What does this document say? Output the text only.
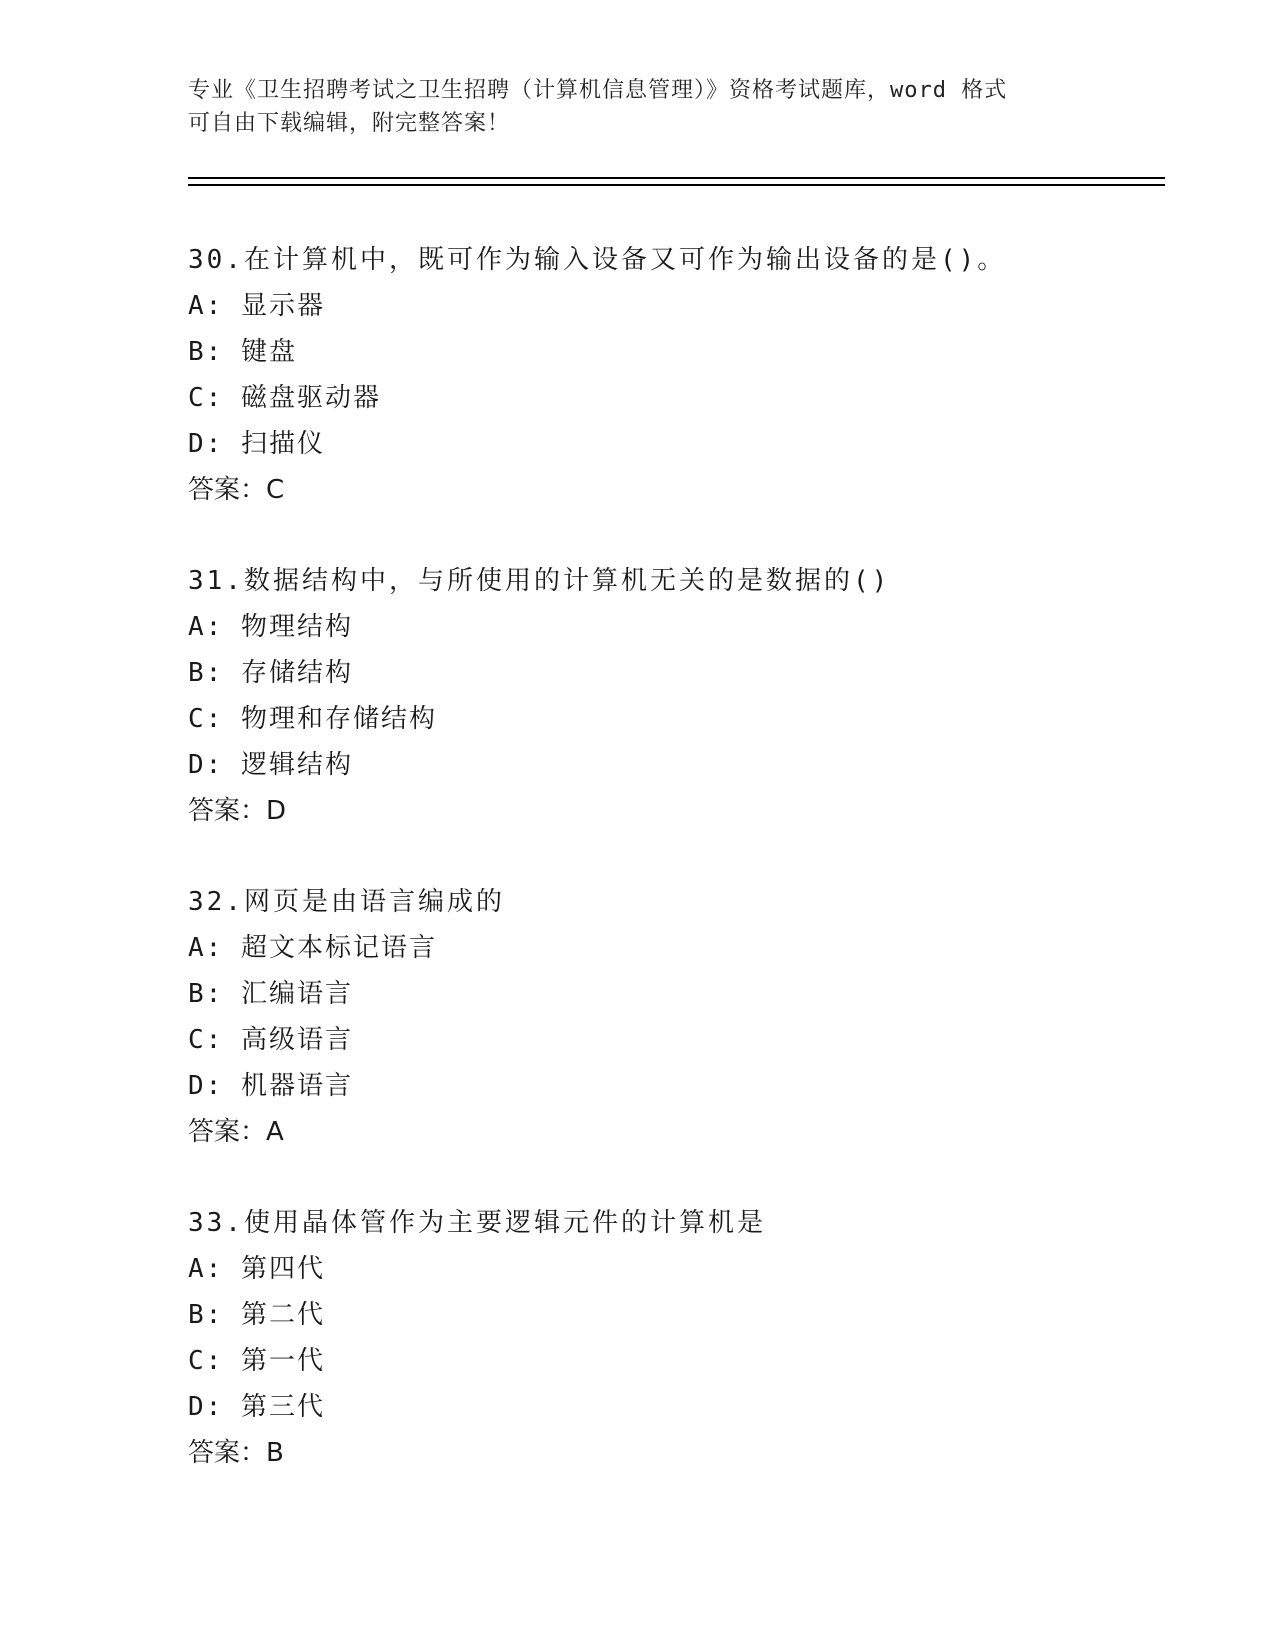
专业《卫生招聘考试之卫生招聘（计算机信息管理）》资格考试题库，word 格式
可自由下载编辑，附完整答案！
30.在计算机中，既可作为输入设备又可作为输出设备的是()。
A: 显示器
B: 键盘
C: 磁盘驱动器
D: 扫描仪
答案：C
31.数据结构中，与所使用的计算机无关的是数据的()
A: 物理结构
B: 存储结构
C: 物理和存储结构
D: 逻辑结构
答案：D
32.网页是由语言编成的
A: 超文本标记语言
B: 汇编语言
C: 高级语言
D: 机器语言
答案：A
33.使用晶体管作为主要逻辑元件的计算机是
A: 第四代
B: 第二代
C: 第一代
D: 第三代
答案：B
